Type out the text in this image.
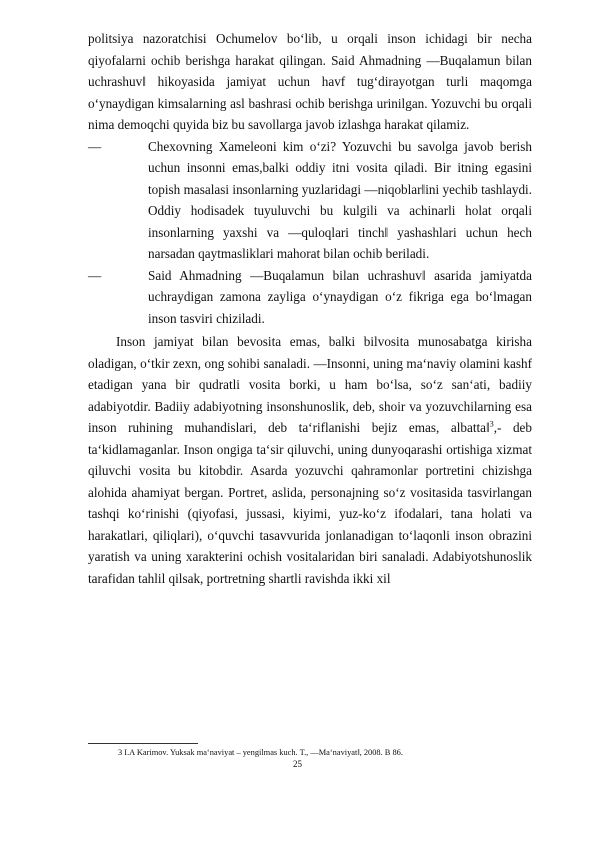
politsiya nazoratchisi Ochumelov bo‘lib, u orqali inson ichidagi bir necha qiyofalarni ochib berishga harakat qilingan. Said Ahmadning ―Buqalamun bilan uchrashuv‖ hikoyasida jamiyat uchun havf tug‘dirayotgan turli maqomga o‘ynaydigan kimsalarning asl bashrasi ochib berishga urinilgan. Yozuvchi bu orqali nima demoqchi quyida biz bu savollarga javob izlashga harakat qilamiz.

―	Chexovning Xameleoni kim o‘zi? Yozuvchi bu savolga javob berish uchun insonni emas,balki oddiy itni vosita qiladi. Bir itning egasini topish masalasi insonlarning yuzlaridagi ―niqoblar‖ini yechib tashlaydi. Oddiy hodisadek tuyuluvchi bu kulgili va achinarli holat orqali insonlarning yaxshi va ―quloqlari tinch‖ yashashlari uchun hech narsadan qaytmasliklari mahorat bilan ochib beriladi.

―	Said Ahmadning ―Buqalamun bilan uchrashuv‖ asarida jamiyatda uchraydigan zamona zayliga o‘ynaydigan o‘z fikriga ega bo‘lmagan inson tasviri chiziladi.

Inson jamiyat bilan bevosita emas, balki bilvosita munosabatga kirisha oladigan, o‘tkir zexn, ong sohibi sanaladi. ―Insonni, uning ma‘naviy olamini kashf etadigan yana bir qudratli vosita borki, u ham bo‘lsa, so‘z san‘ati, badiiy adabiyotdir. Badiiy adabiyotning insonshunoslik, deb, shoir va yozuvchilarning esa inson ruhining muhandislari, deb ta‘riflanishi bejiz emas, albatta‖$^3$,- deb ta‘kidlamaganlar. Inson ongiga ta‘sir qiluvchi, uning dunyoqarashi ortishiga xizmat qiluvchi vosita bu kitobdir. Asarda yozuvchi qahramonlar portretini chizishga alohida ahamiyat bergan. Portret, aslida, personajning so‘z vositasida tasvirlangan tashqi ko‘rinishi (qiyofasi, jussasi, kiyimi, yuz-ko‘z ifodalari, tana holati va harakatlari, qiliqlari), o‘quvchi tasavvurida jonlanadigan to‘laqonli inson obrazini yaratish va uning xarakterini ochish vositalaridan biri sanaladi. Adabiyotshunoslik tarafidan tahlil qilsak, portretning shartli ravishda ikki xil

3 I.A Karimov. Yuksak ma‘naviyat – yengilmas kuch. T., ―Ma‘naviyat‖, 2008. B 86.
25
